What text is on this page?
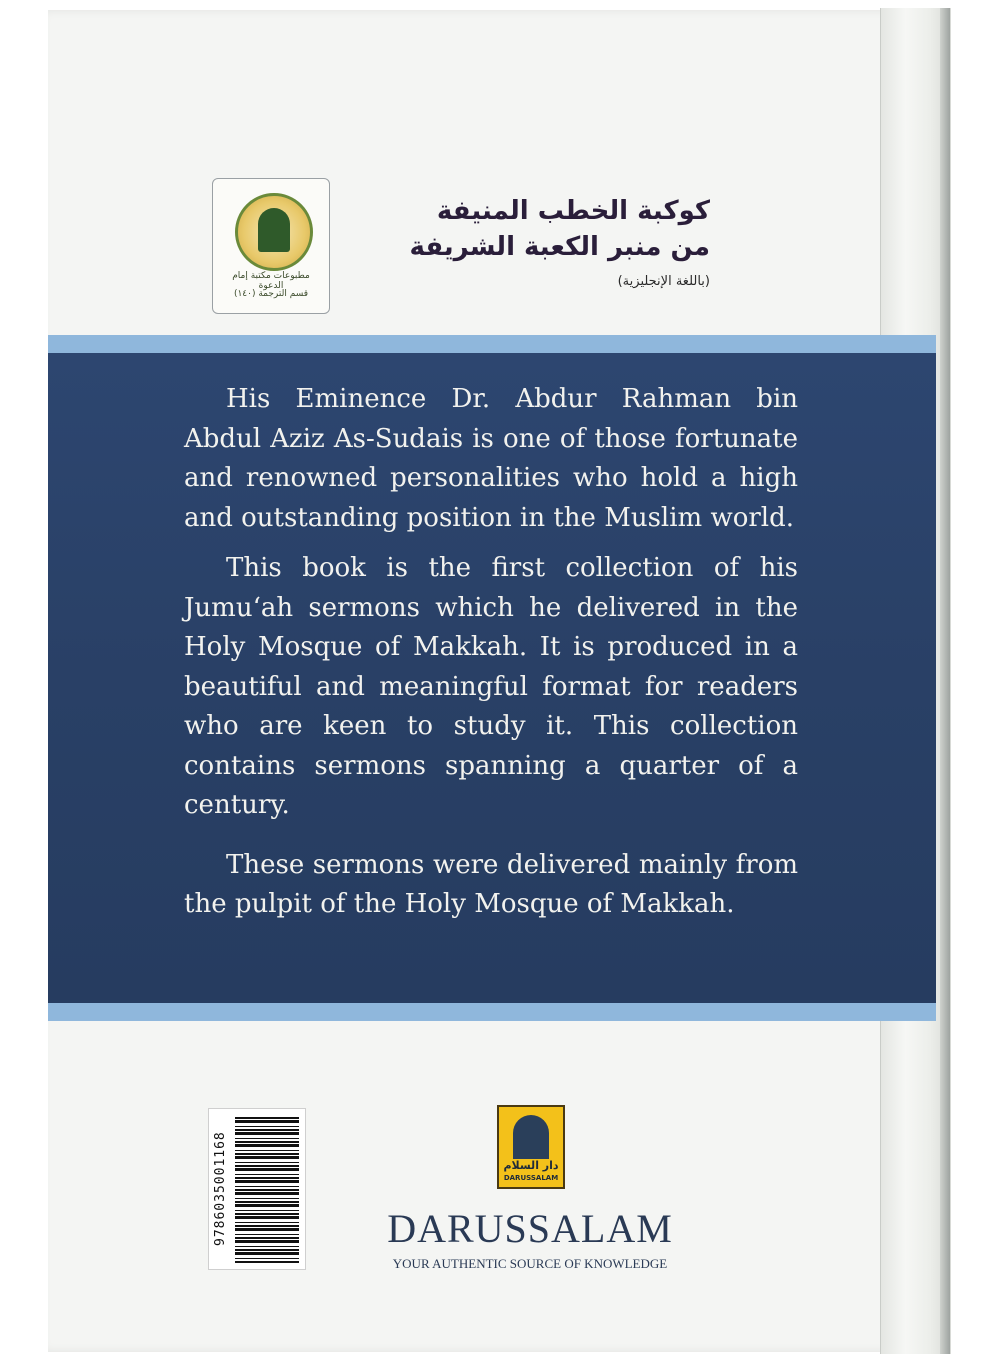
مطبوعات مكتبة إمام الدعوة
قسم الترجمة (١٤٠)
كوكبة الخطب المنيفة
من منبر الكعبة الشريفة
(باللغة الإنجليزية)

His Eminence Dr. Abdur Rahman bin Abdul Aziz As-Sudais is one of those fortunate and renowned personalities who hold a high and outstanding position in the Muslim world.

This book is the first collection of his Jumu‘ah sermons which he delivered in the Holy Mosque of Makkah. It is produced in a beautiful and meaningful format for readers who are keen to study it. This collection contains sermons spanning a quarter of a century.

These sermons were delivered mainly from the pulpit of the Holy Mosque of Makkah.

9786035001168	دار السلام
DARUSSALAM
DARUSSALAM
YOUR AUTHENTIC SOURCE OF KNOWLEDGE
